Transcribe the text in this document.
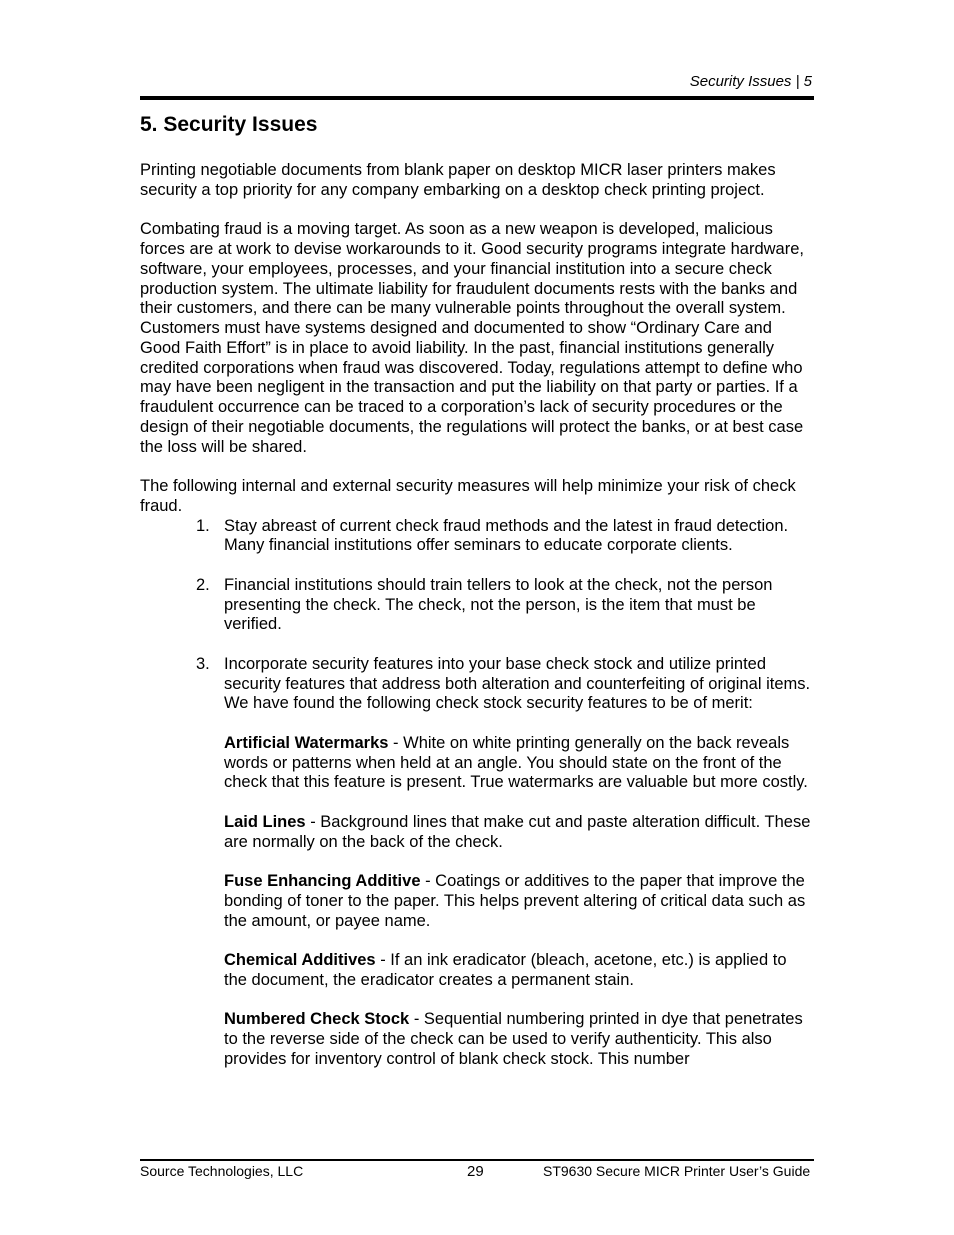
Security Issues | 5
5. Security Issues

Printing negotiable documents from blank paper on desktop MICR laser printers makes security a top priority for any company embarking on a desktop check printing project.

Combating fraud is a moving target. As soon as a new weapon is developed, malicious forces are at work to devise workarounds to it. Good security programs integrate hardware, software, your employees, processes, and your financial institution into a secure check production system. The ultimate liability for fraudulent documents rests with the banks and their customers, and there can be many vulnerable points throughout the overall system. Customers must have systems designed and documented to show “Ordinary Care and Good Faith Effort” is in place to avoid liability. In the past, financial institutions generally credited corporations when fraud was discovered. Today, regulations attempt to define who may have been negligent in the transaction and put the liability on that party or parties. If a fraudulent occurrence can be traced to a corporation’s lack of security procedures or the design of their negotiable documents, the regulations will protect the banks, or at best case the loss will be shared.

The following internal and external security measures will help minimize your risk of check fraud.

1. Stay abreast of current check fraud methods and the latest in fraud detection. Many financial institutions offer seminars to educate corporate clients.
2. Financial institutions should train tellers to look at the check, not the person presenting the check. The check, not the person, is the item that must be verified.
3. Incorporate security features into your base check stock and utilize printed security features that address both alteration and counterfeiting of original items. We have found the following check stock security features to be of merit:
Artificial Watermarks - White on white printing generally on the back reveals words or patterns when held at an angle. You should state on the front of the check that this feature is present. True watermarks are valuable but more costly.
Laid Lines - Background lines that make cut and paste alteration difficult. These are normally on the back of the check.
Fuse Enhancing Additive - Coatings or additives to the paper that improve the bonding of toner to the paper. This helps prevent altering of critical data such as the amount, or payee name.
Chemical Additives - If an ink eradicator (bleach, acetone, etc.) is applied to the document, the eradicator creates a permanent stain.
Numbered Check Stock - Sequential numbering printed in dye that penetrates to the reverse side of the check can be used to verify authenticity. This also provides for inventory control of blank check stock. This number
Source Technologies, LLC	29	ST9630 Secure MICR Printer User’s Guide
